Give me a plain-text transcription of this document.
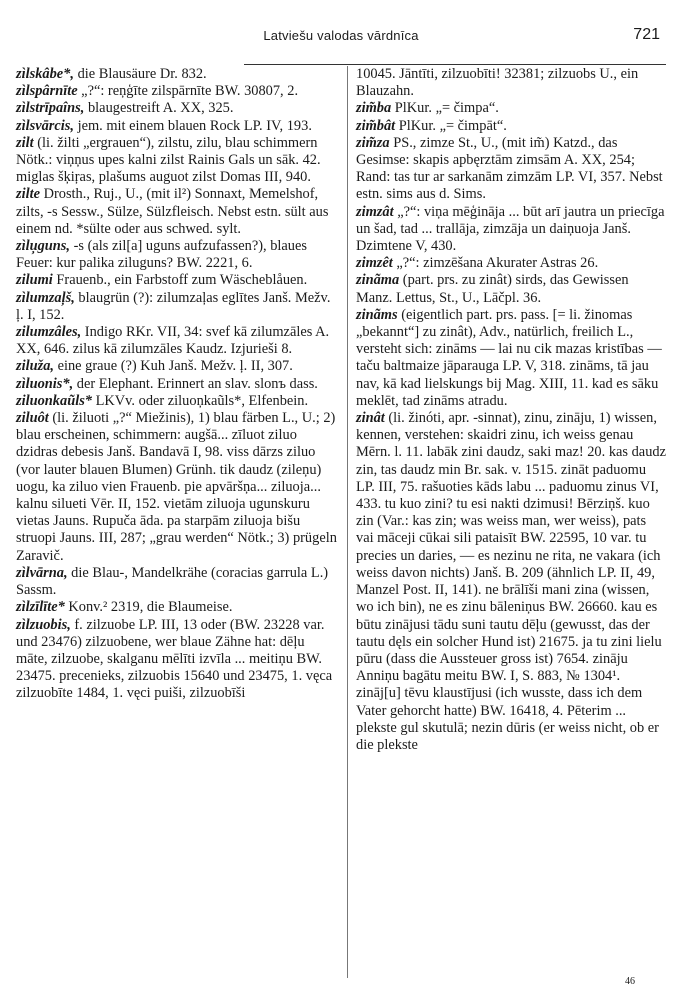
Latviešu valodas vārdnīca	721

zìlskâbe*, die Blausäure Dr. 832.

zìlspârnīte „?“: reņģīte zilspārnīte BW. 30807, 2.

zìlstrīpaîns, blaugestreift A. XX, 325.

zìlsvārcis, jem. mit einem blauen Rock LP. IV, 193.

zilt (li. žilti „ergrauen“), zilstu, zilu, blau schimmern Nötk.: viņņus upes kalni zilst Rainis Gals un sāk. 42. miglas šķiŗas, plašums auguot zilst Domas III, 940.

zilte Drosth., Ruj., U., (mit il²) Sonnaxt, Memelshof, zilts, -s Sessw., Sülze, Sülzfleisch. Nebst estn. sült aus einem nd. *sülte oder aus schwed. sylt.

zìlu̦guns, -s (als zil[a] uguns aufzufassen?), blaues Feuer: kur palika ziluguns? BW. 2221, 6.

zilumi Frauenb., ein Farbstoff zum Wäscheblåuen.

zìlumzaļš, blaugrün (?): zilumzaļas eglītes Janš. Mežv. ļ. I, 152.

zilumzâles, Indigo RKr. VII, 34: svef kā zilumzāles A. XX, 646. zilus kā zilumzāles Kaudz. Izjurieši 8.

ziluža, eine graue (?) Kuh Janš. Mežv. ļ. II, 307.

zìluonis*, der Elephant. Erinnert an slav. slonъ dass.

ziluonkaũls* LKVv. oder ziluoņkaũls*, Elfenbein.

ziluôt (li. žiluoti „?“ Miežinis), 1) blau färben L., U.; 2) blau erscheinen, schimmern: augšā... zīluot ziluo dzidras debesis Janš. Bandavā I, 98. viss dārzs ziluo (vor lauter blauen Blumen) Grünh. tik daudz (zileņu) uogu, ka ziluo vien Frauenb. pie apvāršņa... ziluoja... kalnu silueti Vēr. II, 152. vietām ziluoja ugunskuru vietas Jauns. Rupuča āda. pa starpām ziluoja bišu struopi Jauns. III, 287; „grau werden“ Nötk.; 3) prügeln Zaravič.

zìlvārna, die Blau-, Mandelkrähe (coracias garrula L.) Sassm.

zìlzīlīte* Konv.² 2319, die Blaumeise.

zìlzuobis, f. zilzuobe LP. III, 13 oder (BW. 23228 var. und 23476) zilzuobene, wer blaue Zähne hat: dēļu māte, zilzuobe, skalganu mēlīti izvīla ... meitiņu BW. 23475. precenieks, zilzuobis 15640 und 23475, 1. vęca zilzuobīte 1484, 1. vęci puiši, zilzuobīši

10045. Jāntīti, zilzuobīti! 32381; zilzuobs U., ein Blauzahn.

zim̃ba PlKur. „= čimpa“.

zim̃bât PlKur. „= čimpāt“.

zim̃za PS., zimze St., U., (mit im̃) Katzd., das Gesimse: skapis apbęrztām zimsām A. XX, 254; Rand: tas tur ar sarkanām zimzām LP. VI, 357. Nebst estn. sims aus d. Sims.

zimzât „?“: viņa mēģināja ... būt arī jautra un priecīga un šad, tad ... trallāja, zimzāja un daiņuoja Janš. Dzimtene V, 430.

zimzêt „?“: zimzēšana Akurater Astras 26.

zinãma (part. prs. zu zinât) sirds, das Gewissen Manz. Lettus, St., U., Lāčpl. 36.

zinãms (eigentlich part. prs. pass. [= li. žinomas „bekannt“] zu zinât), Adv., natürlich, freilich L., versteht sich: zināms — lai nu cik mazas kristības — taču baltmaize jāparauga LP. V, 318. zināms, tā jau nav, kā kad lielskungs bij Mag. XIII, 11. kad es sāku meklēt, tad zināms atradu.

zinât (li. žinóti, apr. -sinnat), zinu, zināju, 1) wissen, kennen, verstehen: skaidri zinu, ich weiss genau Mērn. l. 11. labāk zini daudz, saki maz! 20. kas daudz zin, tas daudz min Br. sak. v. 1515. zināt paduomu LP. III, 75. rašuoties kāds labu ... paduomu zinus VI, 433. tu kuo zini? tu esi nakti dzimusi! Bērziņš. kuo zin (Var.: kas zin; was weiss man, wer weiss), pats vai māceji cūkai sili pataisīt BW. 22595, 10 var. tu precies un daries, — es nezinu ne rita, ne vakara (ich weiss davon nichts) Janš. B. 209 (ähnlich LP. II, 49, Manzel Post. II, 141). ne brālīši mani zina (wissen, wo ich bin), ne es zinu bāleniņus BW. 26660. kau es būtu zinājusi tādu suni tautu dēļu (gewusst, das der tautu dęls ein solcher Hund ist) 21675. ja tu zini lielu pūru (dass die Aussteuer gross ist) 7654. zināju Anniņu bagātu meitu BW. I, S. 883, № 1304¹. zināj[u] tēvu klaustījusi (ich wusste, dass ich dem Vater gehorcht hatte) BW. 16418, 4. Pēterim ... plekste gul skutulā; nezin dūris (er weiss nicht, ob er die plekste

46
